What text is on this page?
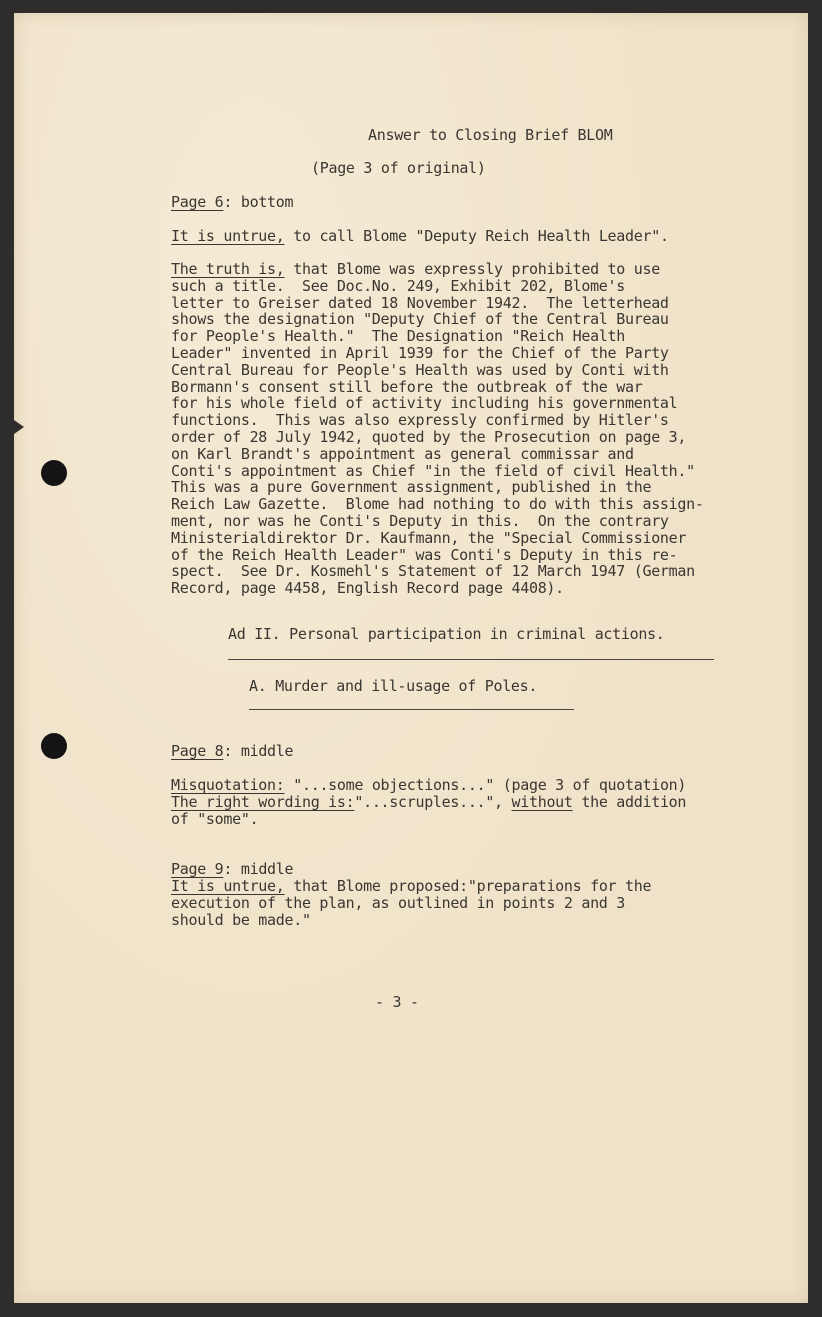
Answer to Closing Brief BLOM
(Page 3 of original)
Page 6: bottom
It is untrue, to call Blome "Deputy Reich Health Leader".
The truth is, that Blome was expressly prohibited to use
such a title.  See Doc.No. 249, Exhibit 202, Blome's
letter to Greiser dated 18 November 1942.  The letterhead
shows the designation "Deputy Chief of the Central Bureau
for People's Health."  The Designation "Reich Health
Leader" invented in April 1939 for the Chief of the Party
Central Bureau for People's Health was used by Conti with
Bormann's consent still before the outbreak of the war
for his whole field of activity including his governmental
functions.  This was also expressly confirmed by Hitler's
order of 28 July 1942, quoted by the Prosecution on page 3,
on Karl Brandt's appointment as general commissar and
Conti's appointment as Chief "in the field of civil Health."
This was a pure Government assignment, published in the
Reich Law Gazette.  Blome had nothing to do with this assign-
ment, nor was he Conti's Deputy in this.  On the contrary
Ministerialdirektor Dr. Kaufmann, the "Special Commissioner
of the Reich Health Leader" was Conti's Deputy in this re-
spect.  See Dr. Kosmehl's Statement of 12 March 1947 (German
Record, page 4458, English Record page 4408).
Ad II. Personal participation in criminal actions.
A. Murder and ill-usage of Poles.
Page 8: middle
Misquotation: "...some objections..." (page 3 of quotation)
The right wording is:"...scruples...", without the addition
of "some".
Page 9: middle
It is untrue, that Blome proposed:"preparations for the
execution of the plan, as outlined in points 2 and 3
should be made."
- 3 -
